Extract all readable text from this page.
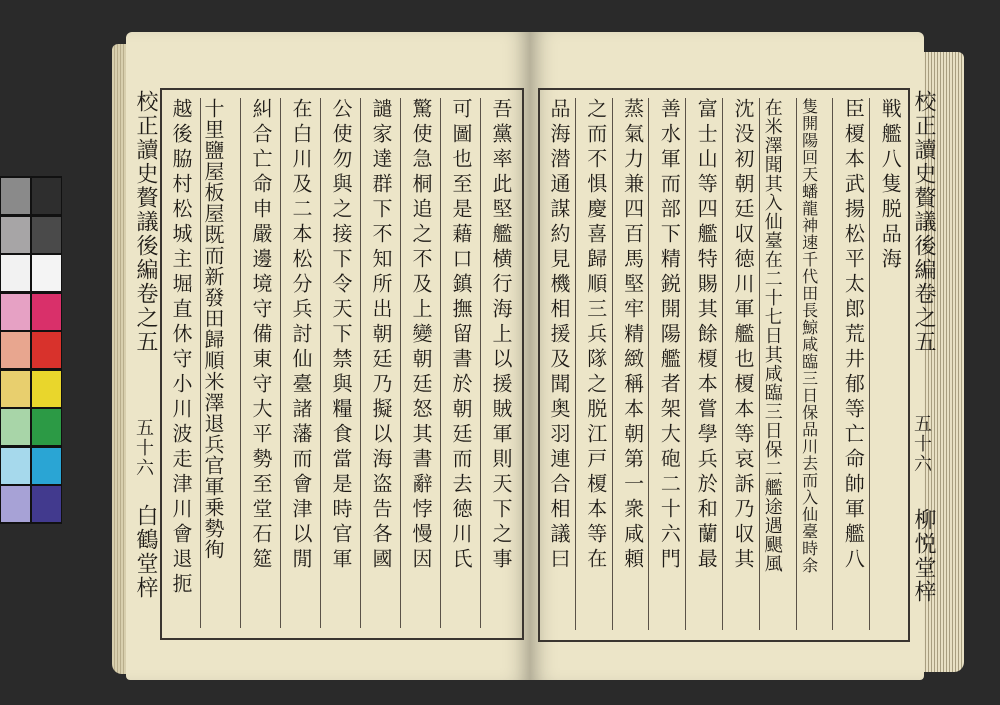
校正讀史贅議後編卷之五
五十六
白鶴堂梓	吾黨率此堅艦横行海上以援賊軍則天下之事
可圖也至是藉口鎮撫留書於朝廷而去徳川氏
驚使急桐追之不及上變朝廷怒其書辭悖慢因
譴家達群下不知所出朝廷乃擬以海盗告各國
公使勿與之接下令天下禁與糧食當是時官軍
在白川及二本松分兵討仙臺諸藩而會津以閒
糾合亡命申嚴邊境守備東守大平勢至堂石筵
十里鹽屋板屋既而新發田歸順米澤退兵官軍乗勢徇
越後脇村松城主堀直休守小川波走津川會退扼	戦艦八隻脱品海
臣榎本武揚松平太郎荒井郁等亡命帥軍艦八
隻開陽回天蟠龍神速千代田長鯨咸臨三日保品川去而入仙臺時余
在米澤聞其入仙臺在二十七日其咸臨三日保二艦途遇颶風
沈没初朝廷収徳川軍艦也榎本等哀訴乃収其
富士山等四艦特賜其餘榎本嘗學兵於和蘭最
善水軍而部下精鋭開陽艦者架大砲二十六門
蒸氣力兼四百馬堅牢精緻稱本朝第一衆咸頼
之而不惧慶喜歸順三兵隊之脱江戸榎本等在
品海潜通謀約見機相援及聞奥羽連合相議曰	校正讀史贅議後編卷之五
五十六
柳悦堂梓
